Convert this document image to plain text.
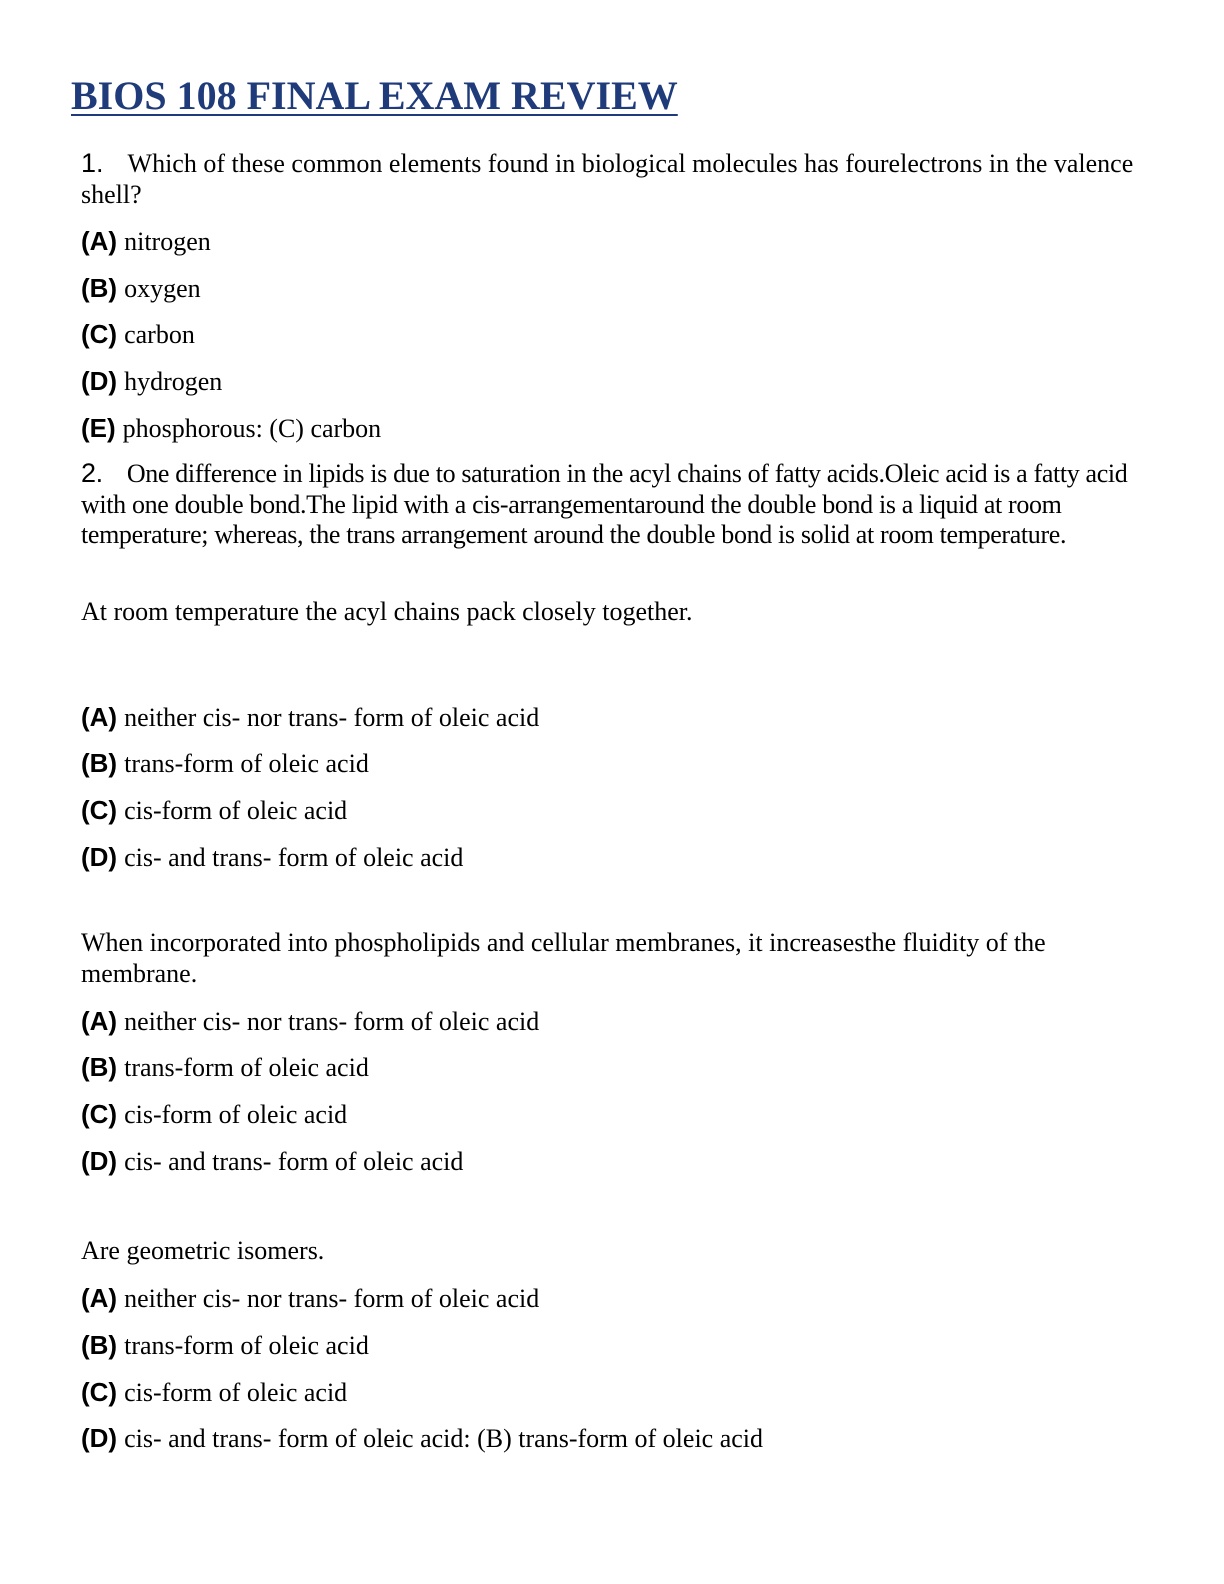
BIOS 108 FINAL EXAM REVIEW
1. Which of these common elements found in biological molecules has fourelectrons in the valence shell?
(A) nitrogen
(B) oxygen
(C) carbon
(D) hydrogen
(E) phosphorous: (C) carbon
2. One difference in lipids is due to saturation in the acyl chains of fatty acids.Oleic acid is a fatty acid with one double bond.The lipid with a cis-arrangementaround the double bond is a liquid at room temperature; whereas, the trans arrangement around the double bond is solid at room temperature.
At room temperature the acyl chains pack closely together.
(A) neither cis- nor trans- form of oleic acid
(B) trans-form of oleic acid
(C) cis-form of oleic acid
(D) cis- and trans- form of oleic acid
When incorporated into phospholipids and cellular membranes, it increasesthe fluidity of the membrane.
(A) neither cis- nor trans- form of oleic acid
(B) trans-form of oleic acid
(C) cis-form of oleic acid
(D) cis- and trans- form of oleic acid
Are geometric isomers.
(A) neither cis- nor trans- form of oleic acid
(B) trans-form of oleic acid
(C) cis-form of oleic acid
(D) cis- and trans- form of oleic acid: (B) trans-form of oleic acid
